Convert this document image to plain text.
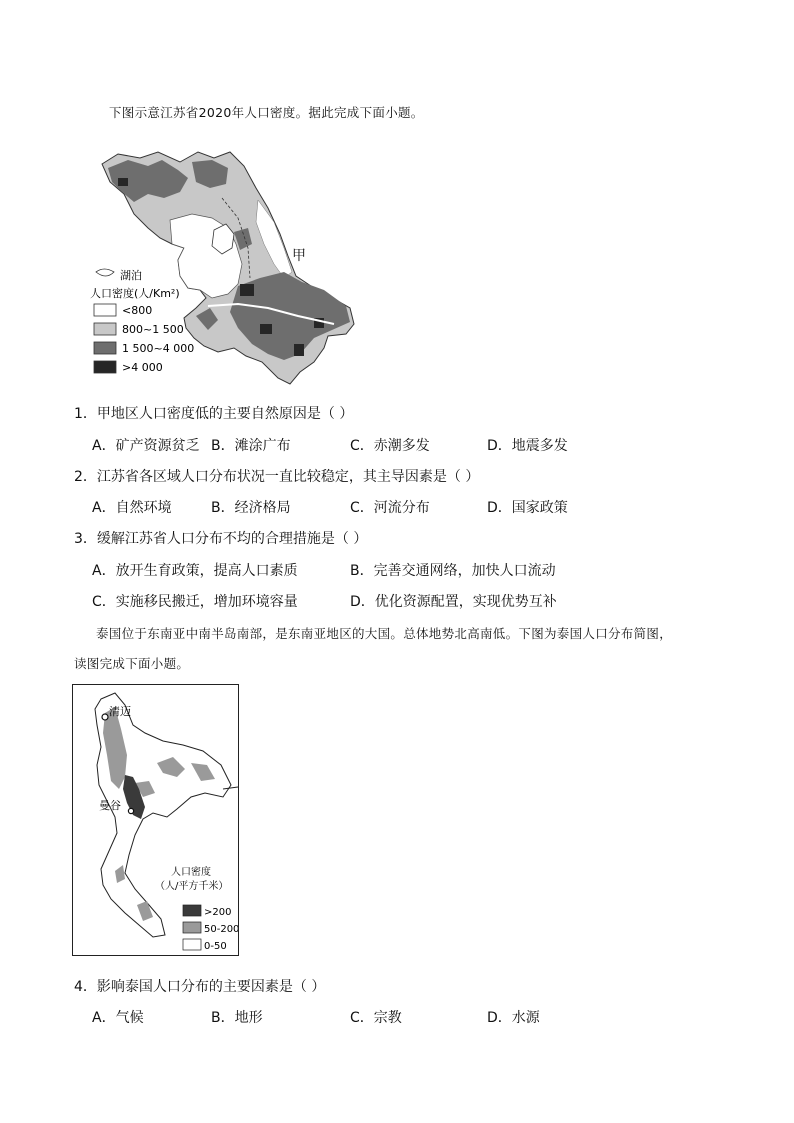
下图示意江苏省2020年人口密度。据此完成下面小题。
甲
湖泊
人口密度(人/Km²)
<800
800~1 500
1 500~4 000
>4 000
1．甲地区人口密度低的主要自然原因是（ ）
A．矿产资源贫乏 B．滩涂广布	C．赤潮多发	D．地震多发
2．江苏省各区域人口分布状况一直比较稳定，其主导因素是（ ）
A．自然环境	B．经济格局	C．河流分布	D．国家政策
3．缓解江苏省人口分布不均的合理措施是（ ）
A．放开生育政策，提高人口素质	B．完善交通网络，加快人口流动
C．实施移民搬迁，增加环境容量	D．优化资源配置，实现优势互补
泰国位于东南亚中南半岛南部，是东南亚地区的大国。总体地势北高南低。下图为泰国人口分布简图，
读图完成下面小题。
清迈
曼谷
人口密度
（人/平方千米）
>200
50-200
0-50
4．影响泰国人口分布的主要因素是（ ）
A．气候	B．地形	C．宗教	D．水源
